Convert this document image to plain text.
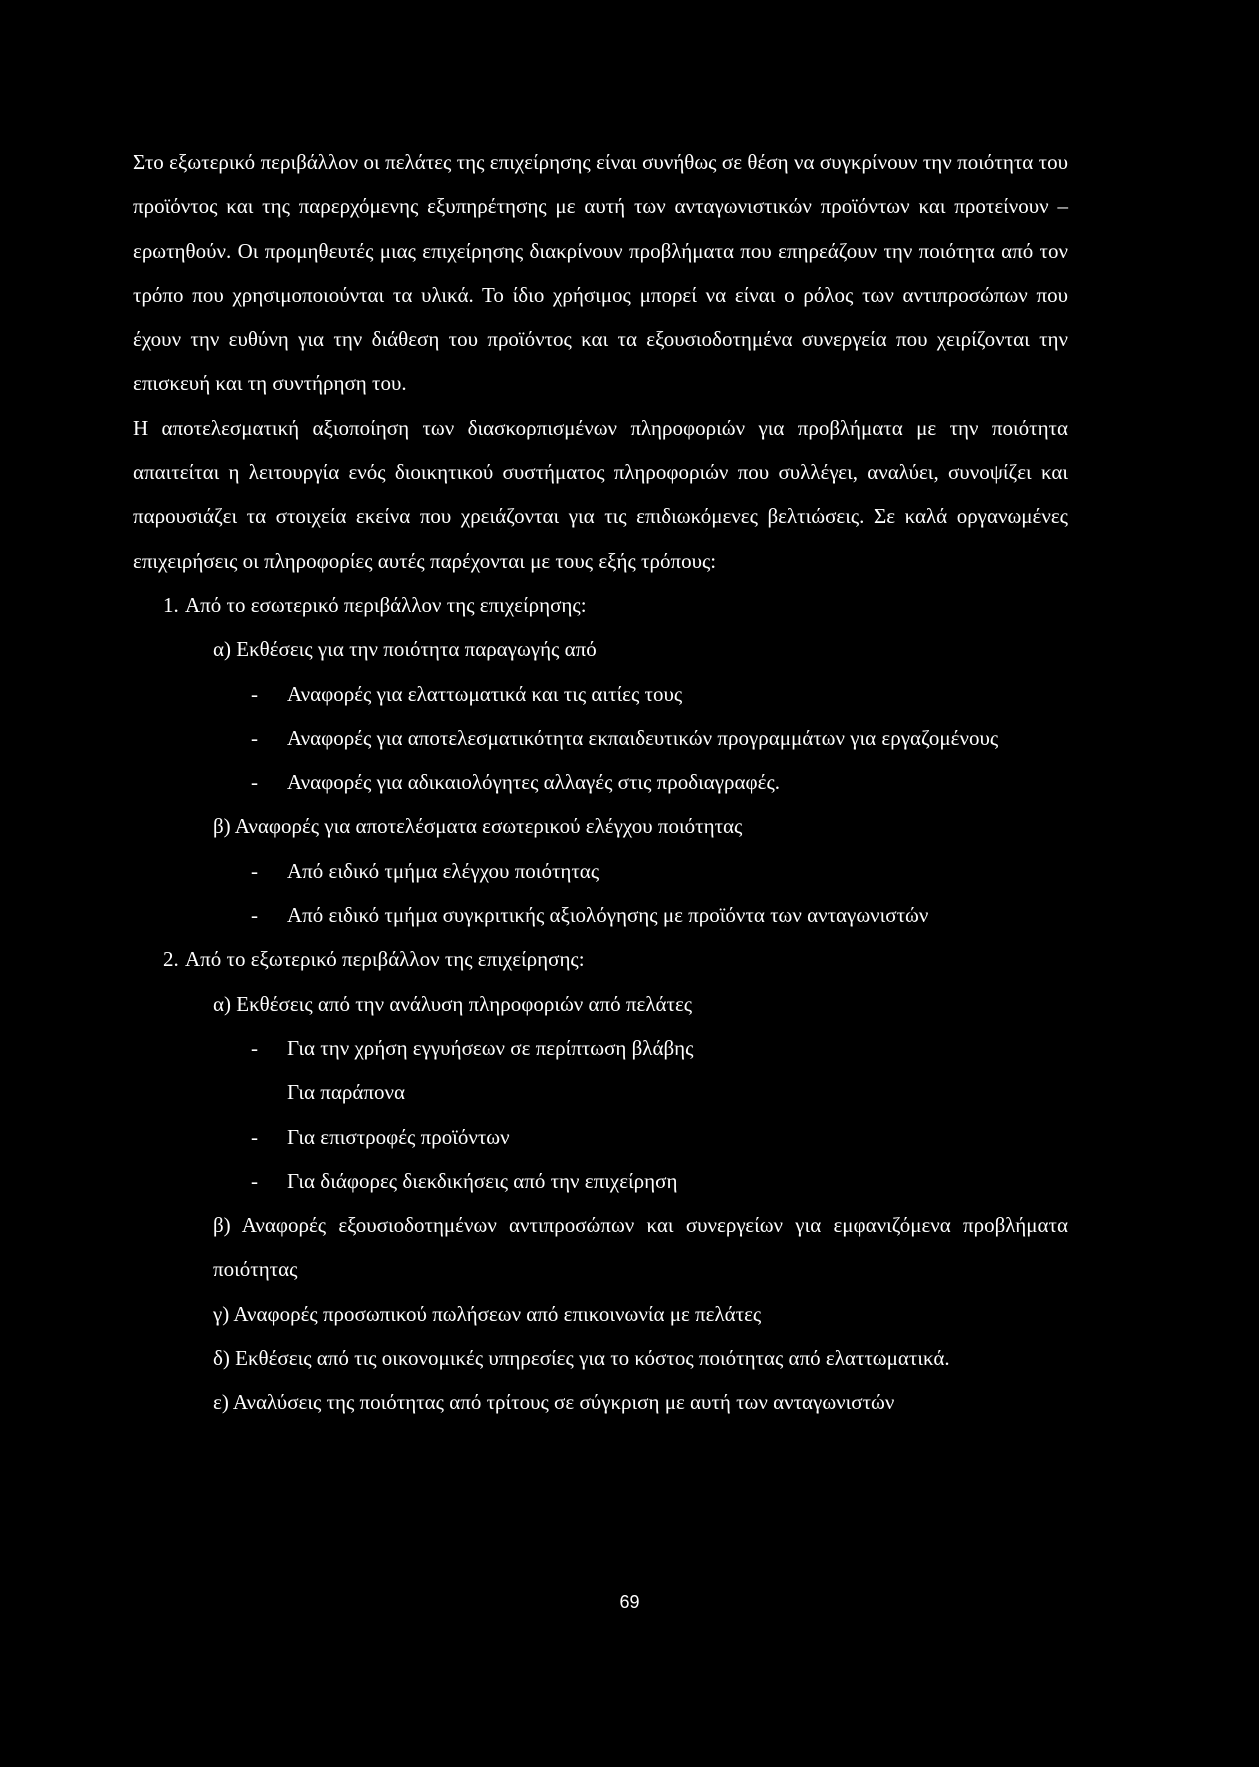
Στο εξωτερικό περιβάλλον οι πελάτες της επιχείρησης είναι συνήθως σε θέση να συγκρίνουν την ποιότητα του προϊόντος και της παρερχόμενης εξυπηρέτησης με αυτή των ανταγωνιστικών προϊόντων και προτείνουν – ερωτηθούν. Οι προμηθευτές μιας επιχείρησης διακρίνουν προβλήματα που επηρεάζουν την ποιότητα από τον τρόπο που χρησιμοποιούνται τα υλικά. Το ίδιο χρήσιμος μπορεί να είναι ο ρόλος των αντιπροσώπων που έχουν την ευθύνη για την διάθεση του προϊόντος και τα εξουσιοδοτημένα συνεργεία που χειρίζονται την επισκευή και τη συντήρηση του.

Η αποτελεσματική αξιοποίηση των διασκορπισμένων πληροφοριών για προβλήματα με την ποιότητα απαιτείται η λειτουργία ενός διοικητικού συστήματος πληροφοριών που συλλέγει, αναλύει, συνοψίζει και παρουσιάζει τα στοιχεία εκείνα που χρειάζονται για τις επιδιωκόμενες βελτιώσεις. Σε καλά οργανωμένες επιχειρήσεις οι πληροφορίες αυτές παρέχονται με τους εξής τρόπους:

1. Από το εσωτερικό περιβάλλον της επιχείρησης:

α) Εκθέσεις για την ποιότητα παραγωγής από

- Αναφορές για ελαττωματικά και τις αιτίες τους

- Αναφορές για αποτελεσματικότητα εκπαιδευτικών προγραμμάτων για εργαζομένους

- Αναφορές για αδικαιολόγητες αλλαγές στις προδιαγραφές.

β) Αναφορές για αποτελέσματα εσωτερικού ελέγχου ποιότητας

- Από ειδικό τμήμα ελέγχου ποιότητας

- Από ειδικό τμήμα συγκριτικής αξιολόγησης με προϊόντα των ανταγωνιστών

2. Από το εξωτερικό περιβάλλον της επιχείρησης:

α) Εκθέσεις από την ανάλυση πληροφοριών από πελάτες

- Για την χρήση εγγυήσεων σε περίπτωση βλάβης

Για παράπονα

- Για επιστροφές προϊόντων

- Για διάφορες διεκδικήσεις από την επιχείρηση

β) Αναφορές εξουσιοδοτημένων αντιπροσώπων και συνεργείων για εμφανιζόμενα προβλήματα ποιότητας

γ) Αναφορές προσωπικού πωλήσεων από επικοινωνία με πελάτες

δ) Εκθέσεις από τις οικονομικές υπηρεσίες για το κόστος ποιότητας από ελαττωματικά.

ε) Αναλύσεις της ποιότητας από τρίτους σε σύγκριση με αυτή των ανταγωνιστών

69
